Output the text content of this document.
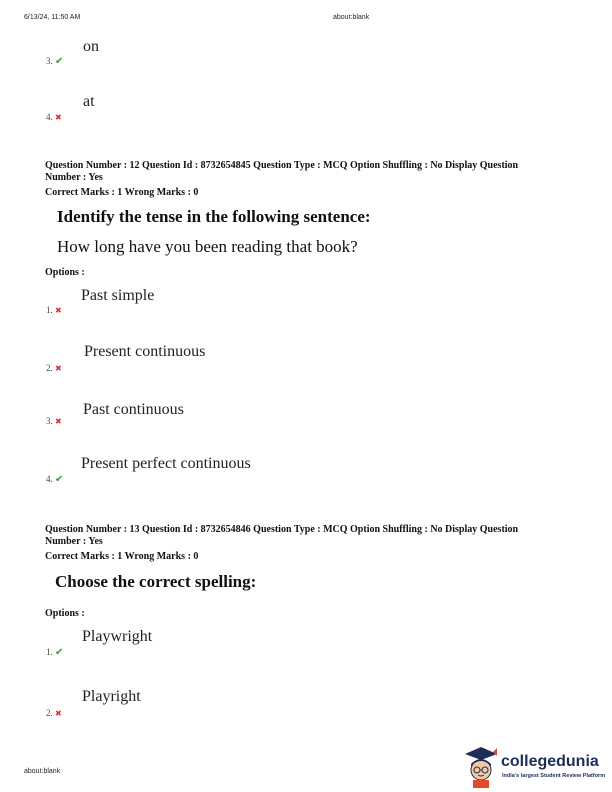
6/13/24, 11:50 AM	about:blank
on
3. ✔
at
4. ✖
Question Number : 12 Question Id : 8732654845 Question Type : MCQ Option Shuffling : No Display Question
Number : Yes
Correct Marks : 1 Wrong Marks : 0
Identify the tense in the following sentence:
How long have you been reading that book?
Options :
Past simple
1. ✖
Present continuous
2. ✖
Past continuous
3. ✖
Present perfect continuous
4. ✔
Question Number : 13 Question Id : 8732654846 Question Type : MCQ Option Shuffling : No Display Question
Number : Yes
Correct Marks : 1 Wrong Marks : 0
Choose the correct spelling:
Options :
Playwright
1. ✔
Playright
2. ✖
about:blank
collegedunia
India's largest Student Review Platform
